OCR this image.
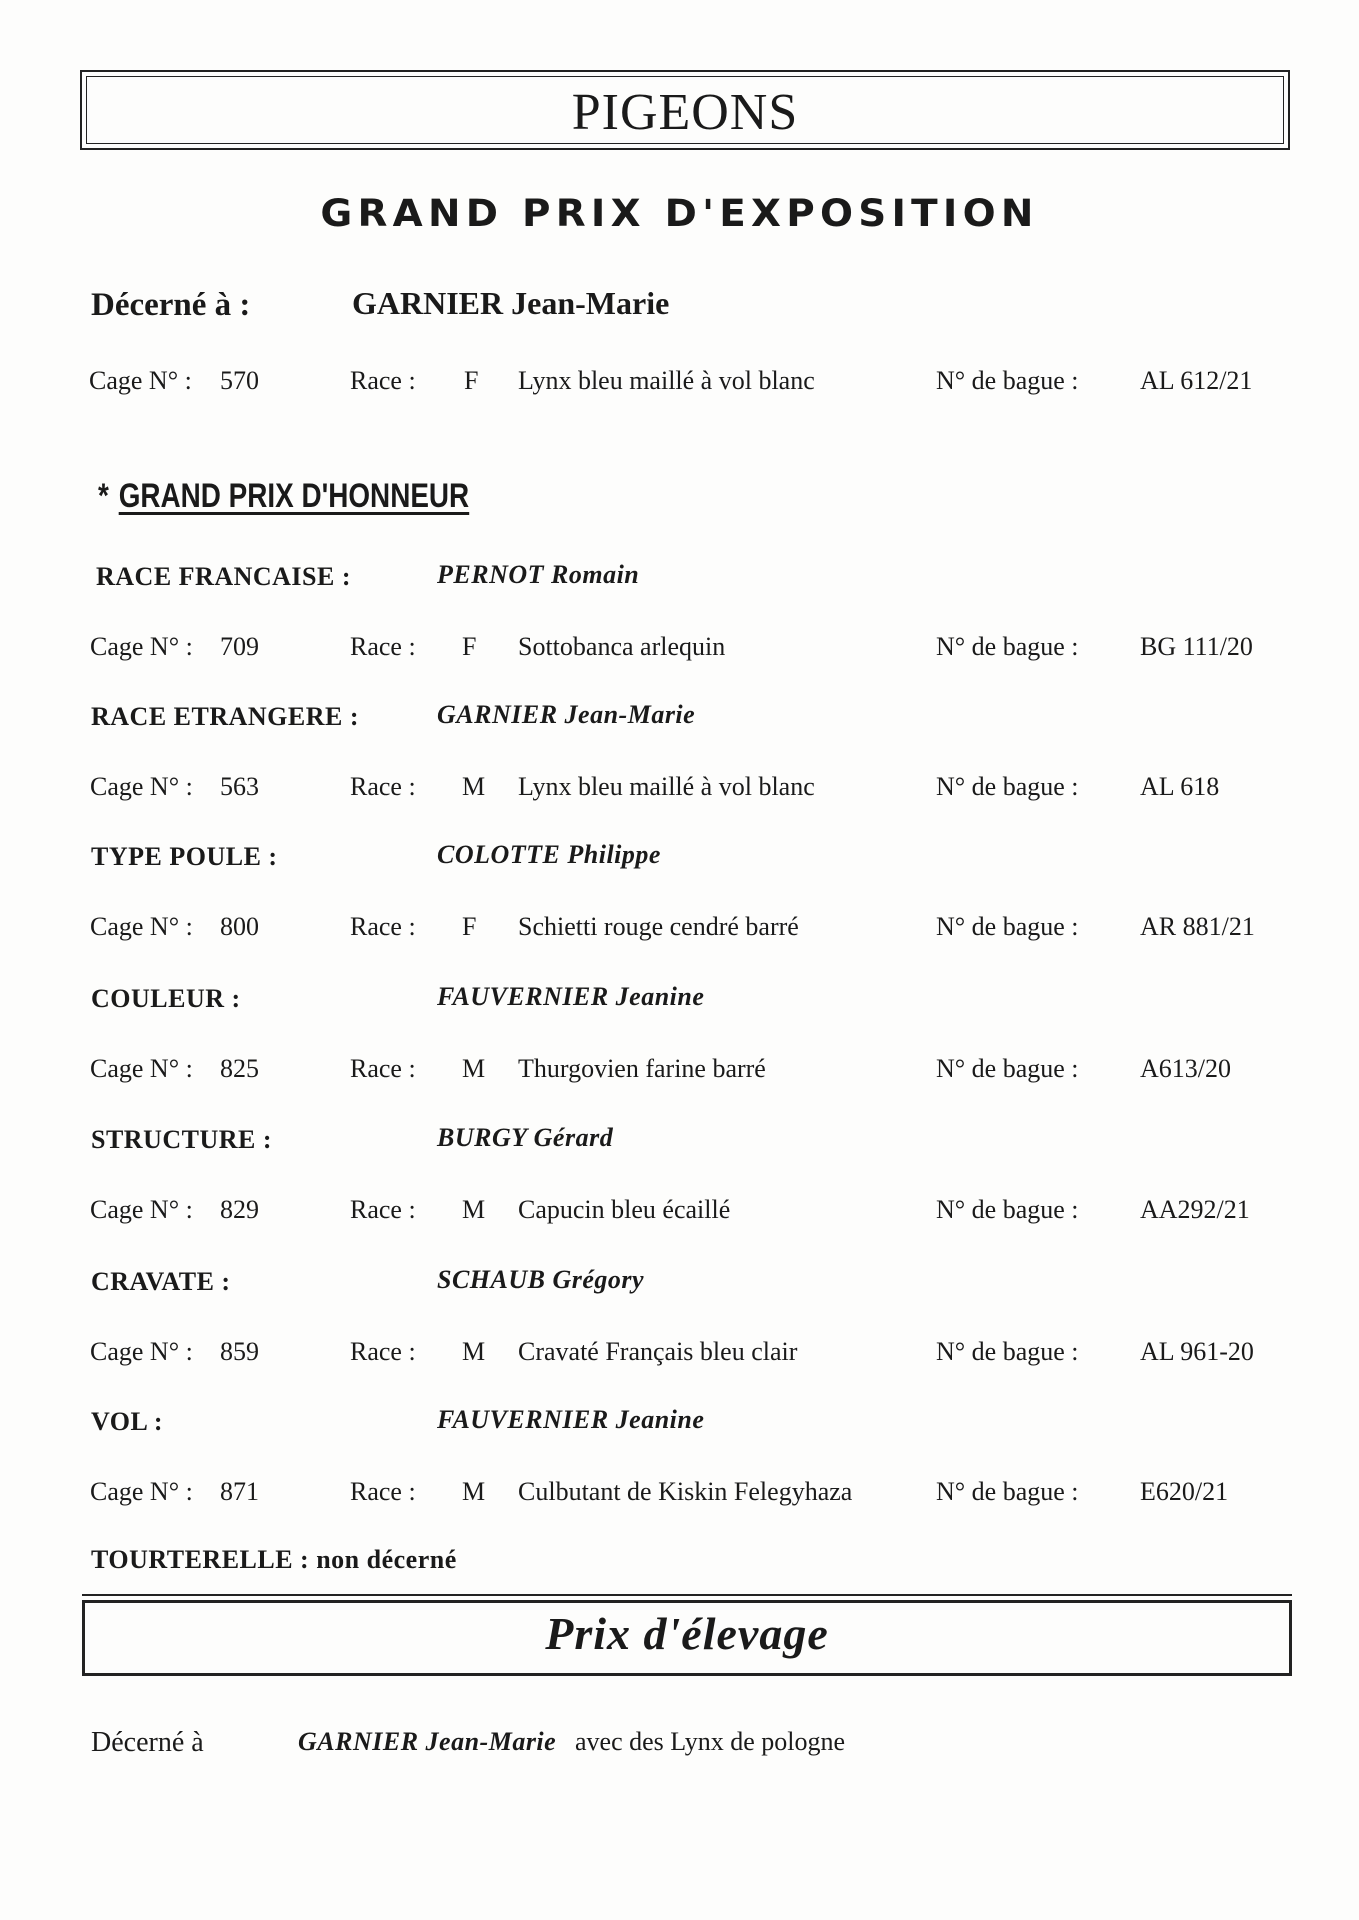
PIGEONS
GRAND PRIX D'EXPOSITION
Décerné à :	GARNIER Jean-Marie
Cage N° : 570	Race : F Lynx bleu maillé à vol blanc	N° de bague : AL 612/21
* GRAND PRIX D'HONNEUR
RACE FRANCAISE :	PERNOT Romain
Cage N° : 709	Race : F Sottobanca arlequin	N° de bague : BG 111/20
RACE ETRANGERE :	GARNIER Jean-Marie
Cage N° : 563	Race : M Lynx bleu maillé à vol blanc	N° de bague : AL 618
TYPE POULE :	COLOTTE Philippe
Cage N° : 800	Race : F Schietti rouge cendré barré	N° de bague : AR 881/21
COULEUR :	FAUVERNIER Jeanine
Cage N° : 825	Race : M Thurgovien farine barré	N° de bague : A613/20
STRUCTURE :	BURGY Gérard
Cage N° : 829	Race : M Capucin bleu écaillé	N° de bague : AA292/21
CRAVATE :	SCHAUB Grégory
Cage N° : 859	Race : M Cravaté Français bleu clair	N° de bague : AL 961-20
VOL :	FAUVERNIER Jeanine
Cage N° : 871	Race : M Culbutant de Kiskin Felegyhaza	N° de bague : E620/21
TOURTERELLE : non décerné
Prix d'élevage
Décerné à	GARNIER Jean-Marie avec des Lynx de pologne
